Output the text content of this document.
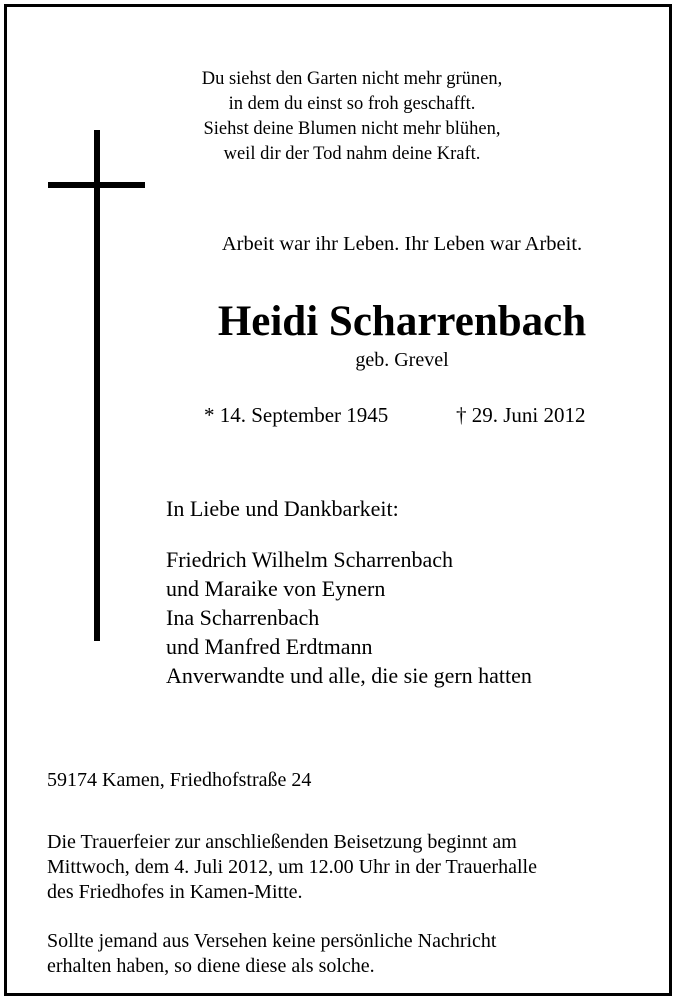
Du siehst den Garten nicht mehr grünen,
in dem du einst so froh geschafft.
Siehst deine Blumen nicht mehr blühen,
weil dir der Tod nahm deine Kraft.
Arbeit war ihr Leben. Ihr Leben war Arbeit.
Heidi Scharrenbach
geb. Grevel
* 14. September 1945	† 29. Juni 2012
In Liebe und Dankbarkeit:
Friedrich Wilhelm Scharrenbach
und Maraike von Eynern
Ina Scharrenbach
und Manfred Erdtmann
Anverwandte und alle, die sie gern hatten
59174 Kamen, Friedhofstraße 24
Die Trauerfeier zur anschließenden Beisetzung beginnt am
Mittwoch, dem 4. Juli 2012, um 12.00 Uhr in der Trauerhalle
des Friedhofes in Kamen-Mitte.
Sollte jemand aus Versehen keine persönliche Nachricht
erhalten haben, so diene diese als solche.
